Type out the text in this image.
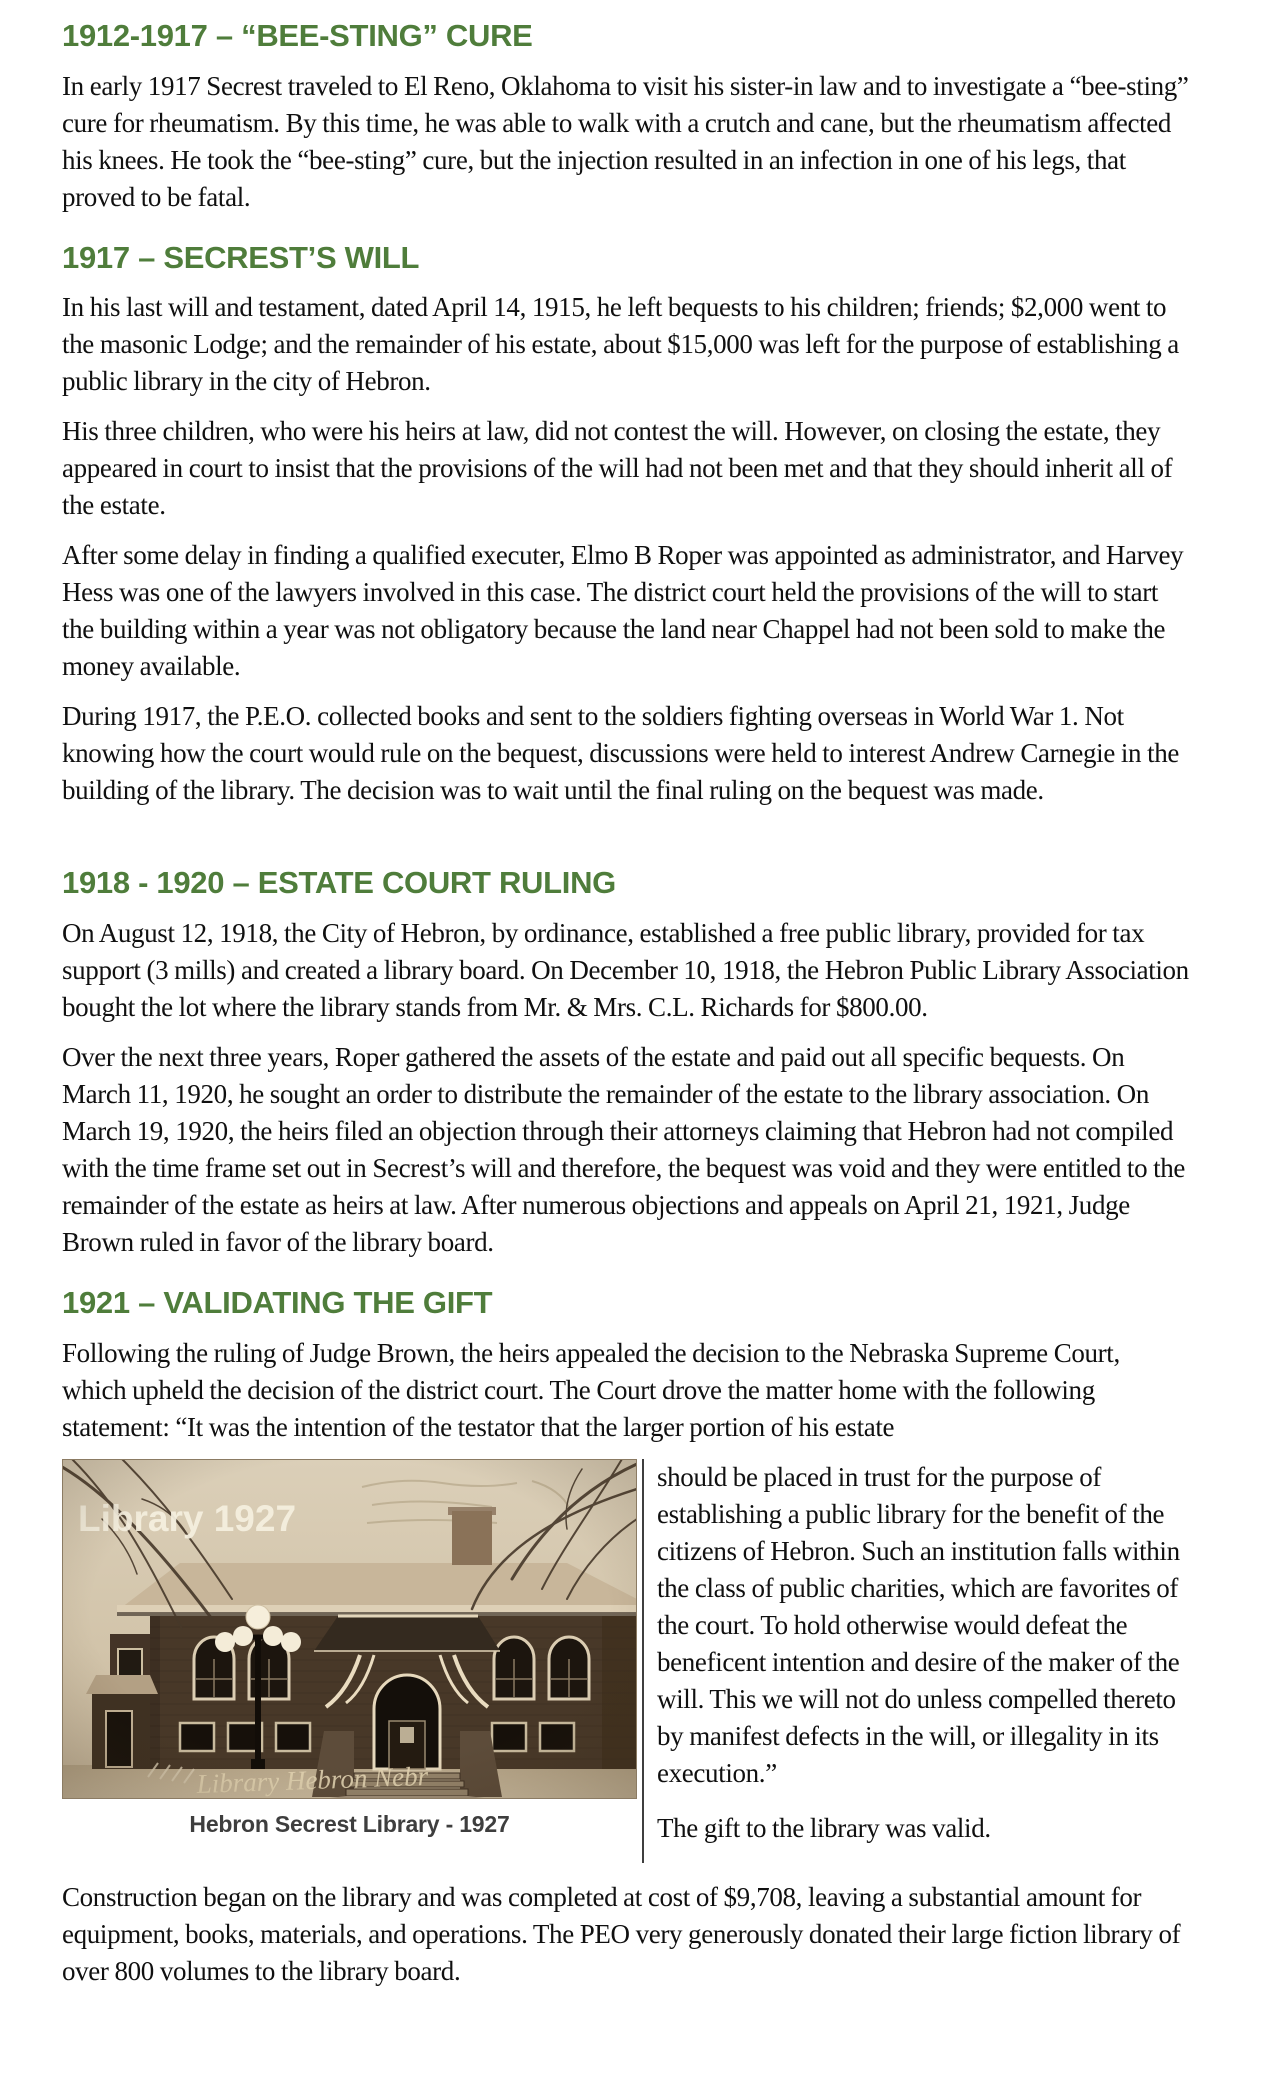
1912-1917 – “BEE-STING” CURE

In early 1917 Secrest traveled to El Reno, Oklahoma to visit his sister-in law and to investigate a “bee-sting” cure for rheumatism. By this time, he was able to walk with a crutch and cane, but the rheumatism affected his knees. He took the “bee-sting” cure, but the injection resulted in an infection in one of his legs, that proved to be fatal.

1917 – SECREST’S WILL

In his last will and testament, dated April 14, 1915, he left bequests to his children; friends; $2,000 went to the masonic Lodge; and the remainder of his estate, about $15,000 was left for the purpose of establishing a public library in the city of Hebron.

His three children, who were his heirs at law, did not contest the will. However, on closing the estate, they appeared in court to insist that the provisions of the will had not been met and that they should inherit all of the estate.

After some delay in finding a qualified executer, Elmo B Roper was appointed as administrator, and Harvey Hess was one of the lawyers involved in this case. The district court held the provisions of the will to start the building within a year was not obligatory because the land near Chappel had not been sold to make the money available.

During 1917, the P.E.O. collected books and sent to the soldiers fighting overseas in World War 1. Not knowing how the court would rule on the bequest, discussions were held to interest Andrew Carnegie in the building of the library. The decision was to wait until the final ruling on the bequest was made.

1918 - 1920 – ESTATE COURT RULING

On August 12, 1918, the City of Hebron, by ordinance, established a free public library, provided for tax support (3 mills) and created a library board. On December 10, 1918, the Hebron Public Library Association bought the lot where the library stands from Mr. & Mrs. C.L. Richards for $800.00.

Over the next three years, Roper gathered the assets of the estate and paid out all specific bequests. On March 11, 1920, he sought an order to distribute the remainder of the estate to the library association. On March 19, 1920, the heirs filed an objection through their attorneys claiming that Hebron had not compiled with the time frame set out in Secrest’s will and therefore, the bequest was void and they were entitled to the remainder of the estate as heirs at law. After numerous objections and appeals on April 21, 1921, Judge Brown ruled in favor of the library board.

1921 – VALIDATING THE GIFT

Following the ruling of Judge Brown, the heirs appealed the decision to the Nebraska Supreme Court, which upheld the decision of the district court. The Court drove the matter home with the following statement: “It was the intention of the testator that the larger portion of his estate

Hebron Secrest Library - 1927

should be placed in trust for the purpose of establishing a public library for the benefit of the citizens of Hebron. Such an institution falls within the class of public charities, which are favorites of the court. To hold otherwise would defeat the beneficent intention and desire of the maker of the will. This we will not do unless compelled thereto by manifest defects in the will, or illegality in its execution.”

The gift to the library was valid.

Construction began on the library and was completed at cost of $9,708, leaving a substantial amount for equipment, books, materials, and operations. The PEO very generously donated their large fiction library of over 800 volumes to the library board.
